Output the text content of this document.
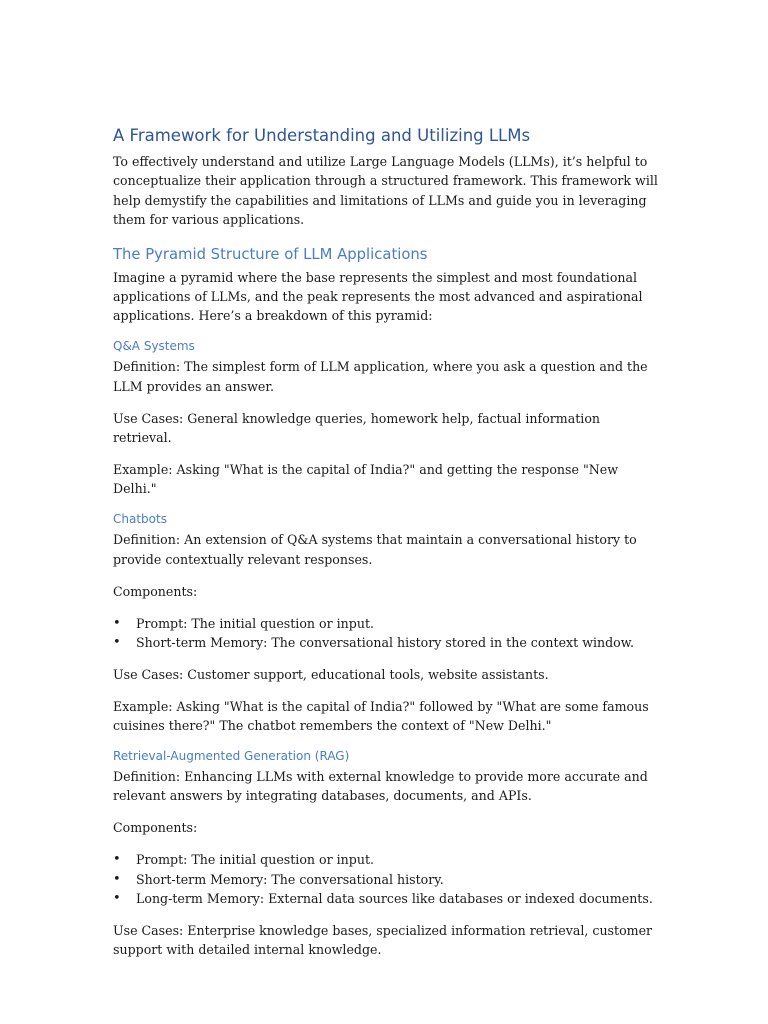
A Framework for Understanding and Utilizing LLMs

To effectively understand and utilize Large Language Models (LLMs), it’s helpful to conceptualize their application through a structured framework. This framework will help demystify the capabilities and limitations of LLMs and guide you in leveraging them for various applications.

The Pyramid Structure of LLM Applications

Imagine a pyramid where the base represents the simplest and most foundational applications of LLMs, and the peak represents the most advanced and aspirational applications. Here’s a breakdown of this pyramid:

Q&A Systems

Definition: The simplest form of LLM application, where you ask a question and the LLM provides an answer.

Use Cases: General knowledge queries, homework help, factual information retrieval.

Example: Asking "What is the capital of India?" and getting the response "New Delhi."

Chatbots

Definition: An extension of Q&A systems that maintain a conversational history to provide contextually relevant responses.

Components:

• Prompt: The initial question or input.
• Short-term Memory: The conversational history stored in the context window.

Use Cases: Customer support, educational tools, website assistants.

Example: Asking "What is the capital of India?" followed by "What are some famous cuisines there?" The chatbot remembers the context of "New Delhi."

Retrieval-Augmented Generation (RAG)

Definition: Enhancing LLMs with external knowledge to provide more accurate and relevant answers by integrating databases, documents, and APIs.

Components:

• Prompt: The initial question or input.
• Short-term Memory: The conversational history.
• Long-term Memory: External data sources like databases or indexed documents.

Use Cases: Enterprise knowledge bases, specialized information retrieval, customer support with detailed internal knowledge.
